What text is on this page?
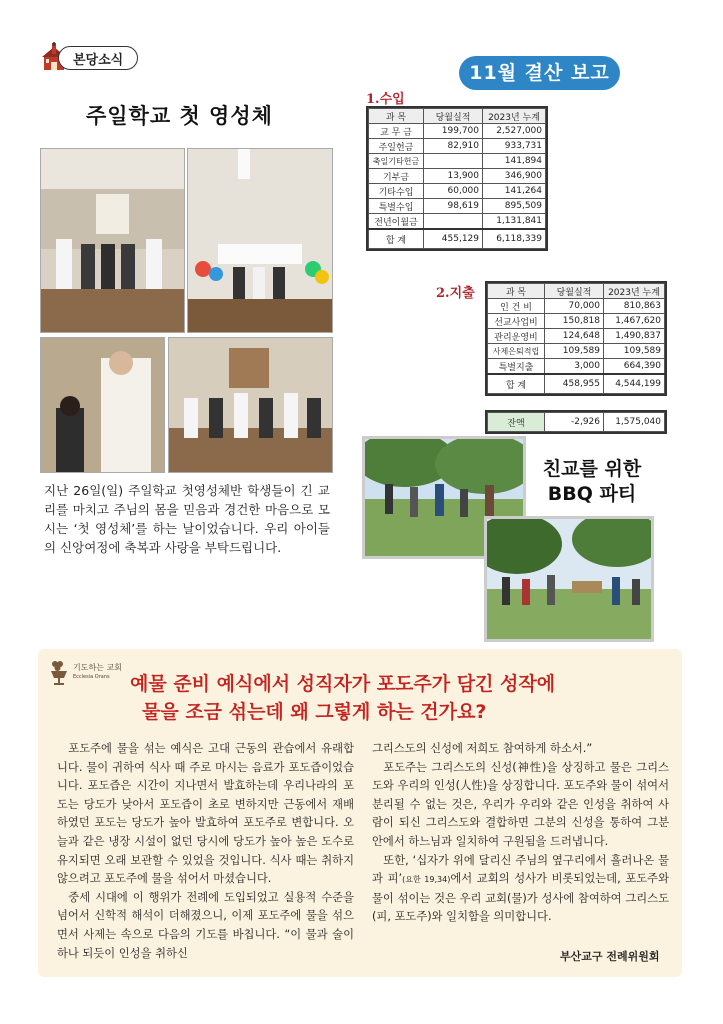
본당소식
11월 결산 보고
주일학교 첫 영성체
지난 26일(일) 주일학교 첫영성체반 학생들이 긴 교리를 마치고 주님의 몸을 믿음과 경건한 마음으로 모시는 ‘첫 영성체’를 하는 날이었습니다. 우리 아이들의 신앙여정에 축복과 사랑을 부탁드립니다.
1.수입
과 목	당월실적	2023년 누계
교 무 금	199,700	2,527,000
주일헌금	82,910	933,731
축일기타헌금		141,894
기부금	13,900	346,900
기타수입	60,000	141,264
특별수입	98,619	895,509
전년이월금		1,131,841
합 계	455,129	6,118,339
2.지출	과 목	당월실적	2023년 누계
인 건 비	70,000	810,863
선교사업비	150,818	1,467,620
관리운영비	124,648	1,490,837
사제은퇴적립	109,589	109,589
특별지출	3,000	664,390
합 계	458,955	4,544,199
잔액	-2,926	1,575,040
친교를 위한
BBQ 파티
기도하는 교회
Ecclesia Orans 예물 준비 예식에서 성직자가 포도주가 담긴 성작에
물을 조금 섞는데 왜 그렇게 하는 건가요?

포도주에 물을 섞는 예식은 고대 근동의 관습에서 유래합니다. 물이 귀하여 식사 때 주로 마시는 음료가 포도즙이었습니다. 포도즙은 시간이 지나면서 발효하는데 우리나라의 포도는 당도가 낮아서 포도즙이 초로 변하지만 근동에서 재배하였던 포도는 당도가 높아 발효하여 포도주로 변합니다. 오늘과 같은 냉장 시설이 없던 당시에 당도가 높아 높은 도수로 유지되면 오래 보관할 수 있었을 것입니다. 식사 때는 취하지 않으려고 포도주에 물을 섞어서 마셨습니다.

중세 시대에 이 행위가 전례에 도입되었고 실용적 수준을 넘어서 신학적 해석이 더해졌으니, 이제 포도주에 물을 섞으면서 사제는 속으로 다음의 기도를 바칩니다. “이 물과 술이 하나 되듯이 인성을 취하신

그리스도의 신성에 저희도 참여하게 하소서.”

포도주는 그리스도의 신성(神性)을 상징하고 물은 그리스도와 우리의 인성(人性)을 상징합니다. 포도주와 물이 섞여서 분리될 수 없는 것은, 우리가 우리와 같은 인성을 취하여 사람이 되신 그리스도와 결합하면 그분의 신성을 통하여 그분 안에서 하느님과 일치하여 구원됨을 드러냅니다.

또한, ‘십자가 위에 달리신 주님의 옆구리에서 흘러나온 물과 피’(요한 19,34)에서 교회의 성사가 비롯되었는데, 포도주와 물이 섞이는 것은 우리 교회(물)가 성사에 참여하여 그리스도(피, 포도주)와 일치함을 의미합니다.

부산교구 전례위원회
